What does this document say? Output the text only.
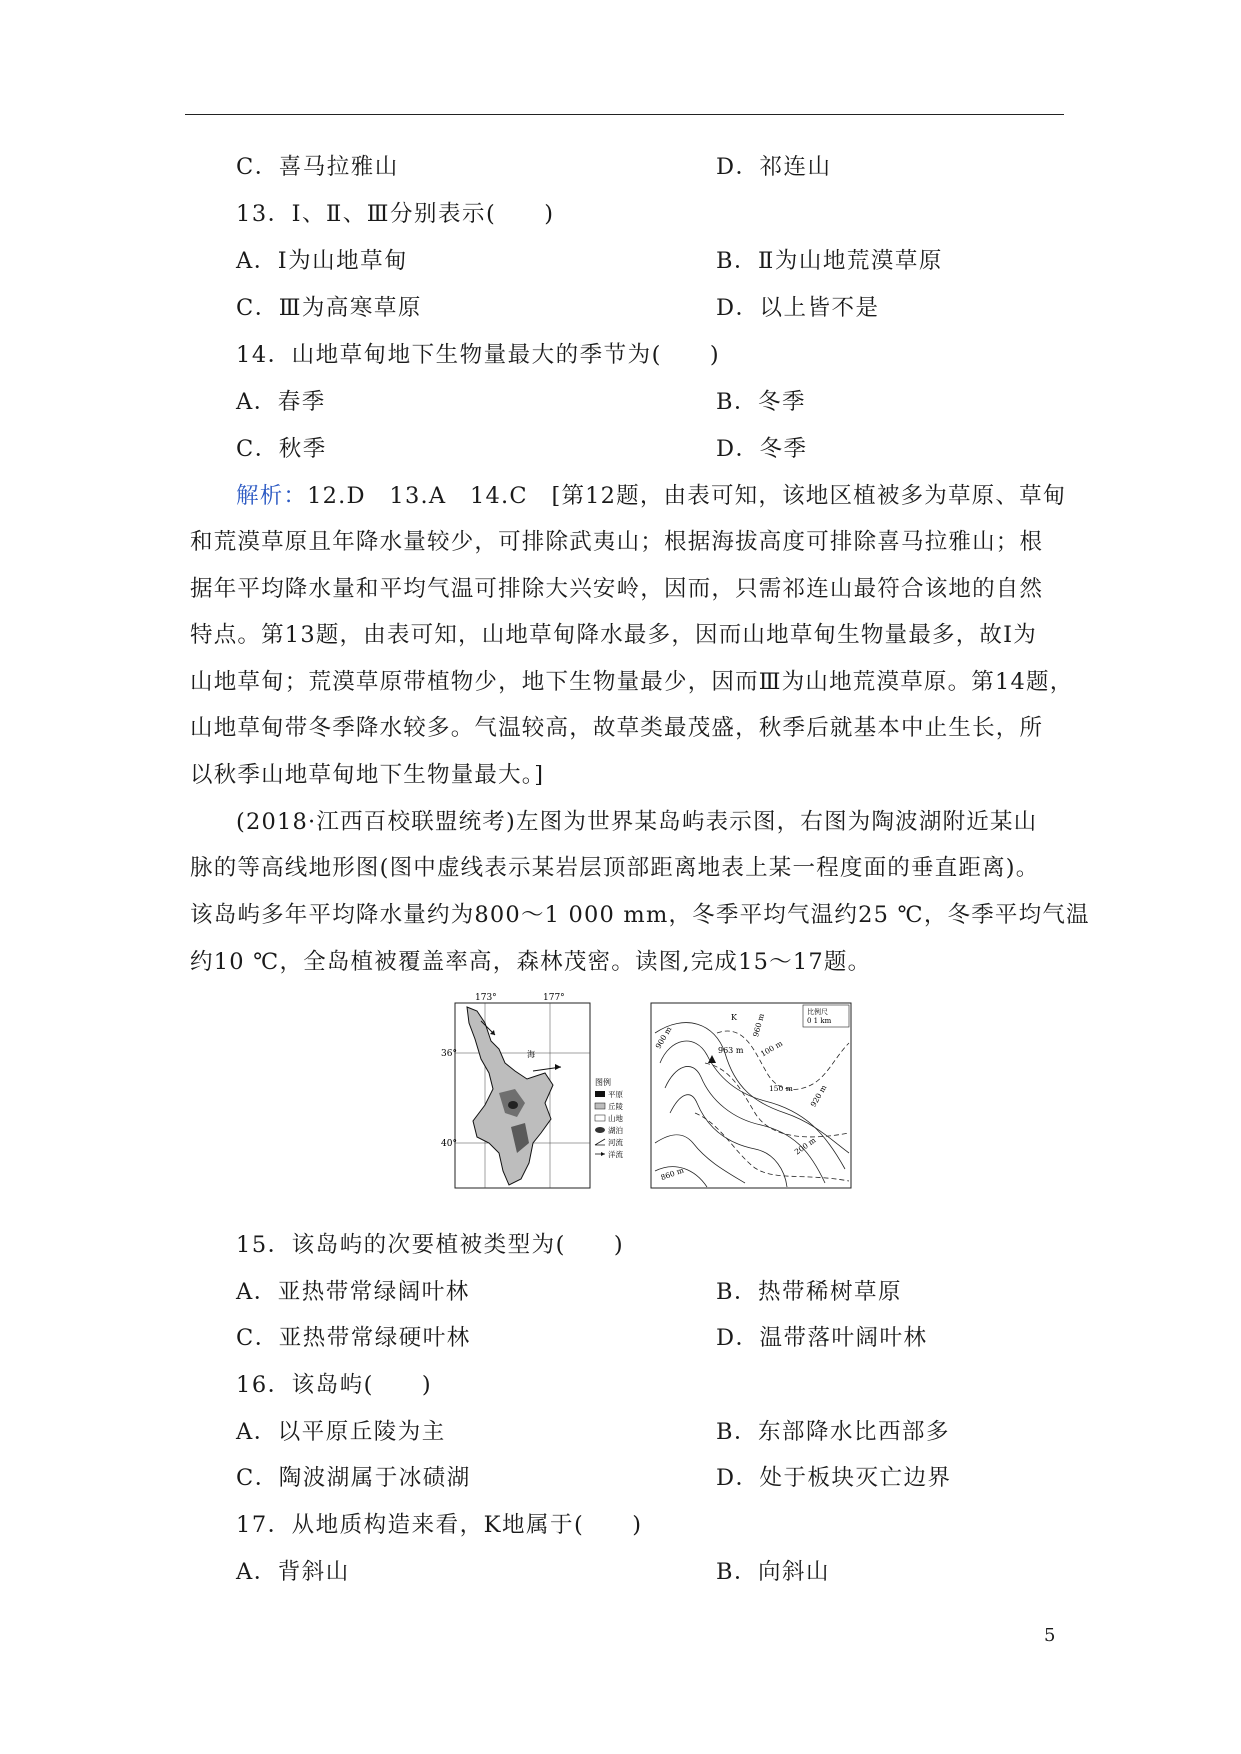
C．喜马拉雅山	D．祁连山
13．Ⅰ、Ⅱ、Ⅲ分别表示(　　)
A．Ⅰ为山地草甸	B．Ⅱ为山地荒漠草原
C．Ⅲ为高寒草原	D．以上皆不是
14．山地草甸地下生物量最大的季节为(　　)
A．春季	B．冬季
C．秋季	D．冬季
解析：12.D　13.A　14.C　[第12题，由表可知，该地区植被多为草原、草甸
和荒漠草原且年降水量较少，可排除武夷山；根据海拔高度可排除喜马拉雅山；根
据年平均降水量和平均气温可排除大兴安岭，因而，只需祁连山最符合该地的自然
特点。第13题，由表可知，山地草甸降水最多，因而山地草甸生物量最多，故Ⅰ为
山地草甸；荒漠草原带植物少，地下生物量最少，因而Ⅲ为山地荒漠草原。第14题，
山地草甸带冬季降水较多。气温较高，故草类最茂盛，秋季后就基本中止生长，所
以秋季山地草甸地下生物量最大。]
(2018·江西百校联盟统考)左图为世界某岛屿表示图，右图为陶波湖附近某山
脉的等高线地形图(图中虚线表示某岩层顶部距离地表上某一程度面的垂直距离)。
该岛屿多年平均降水量约为800～1 000 mm，冬季平均气温约25 ℃，冬季平均气温
约10 ℃，全岛植被覆盖率高，森林茂密。读图,完成15～17题。
173°	177°
36°
40°
海
图例
平原
丘陵
山地
湖泊
河流
洋流
比例尺
0 1 km
963 m
K
900 m	960 m
100 m
150 m 920 m
200 m
860 m
15．该岛屿的次要植被类型为(　　)
A．亚热带常绿阔叶林	B．热带稀树草原
C．亚热带常绿硬叶林	D．温带落叶阔叶林
16．该岛屿(　　)
A．以平原丘陵为主	B．东部降水比西部多
C．陶波湖属于冰碛湖	D．处于板块灭亡边界
17．从地质构造来看，K地属于(　　)
A．背斜山	B．向斜山
5
